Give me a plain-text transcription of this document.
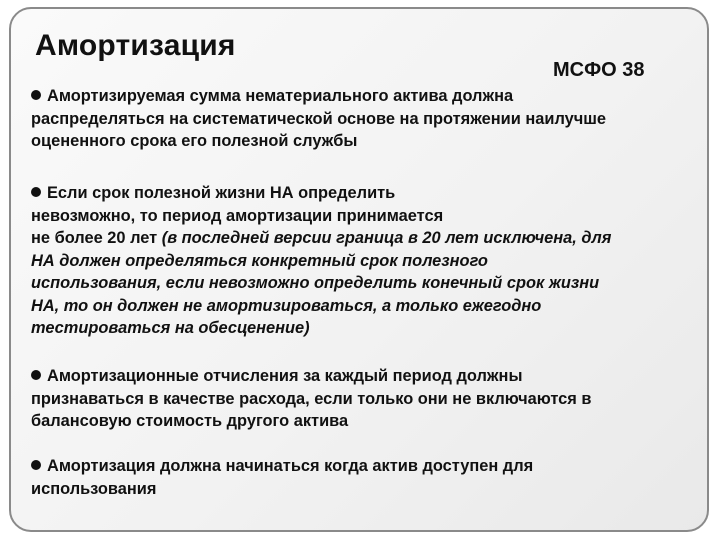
Амортизация
МСФО 38
Амортизируемая сумма нематериального актива должна
распределяться на систематической основе на протяжении наилучше
оцененного срока его полезной службы
Если срок полезной жизни НА определить
невозможно, то период амортизации принимается
не более 20 лет (в последней версии граница в 20 лет исключена, для
НА должен определяться конкретный срок полезного
использования, если невозможно определить конечный срок жизни
НА, то он должен не амортизироваться, а только ежегодно
тестироваться на обесценение)
Амортизационные отчисления за каждый период должны
признаваться в качестве расхода, если только они не включаются в
балансовую стоимость другого актива
Амортизация должна начинаться когда актив доступен для
использования
